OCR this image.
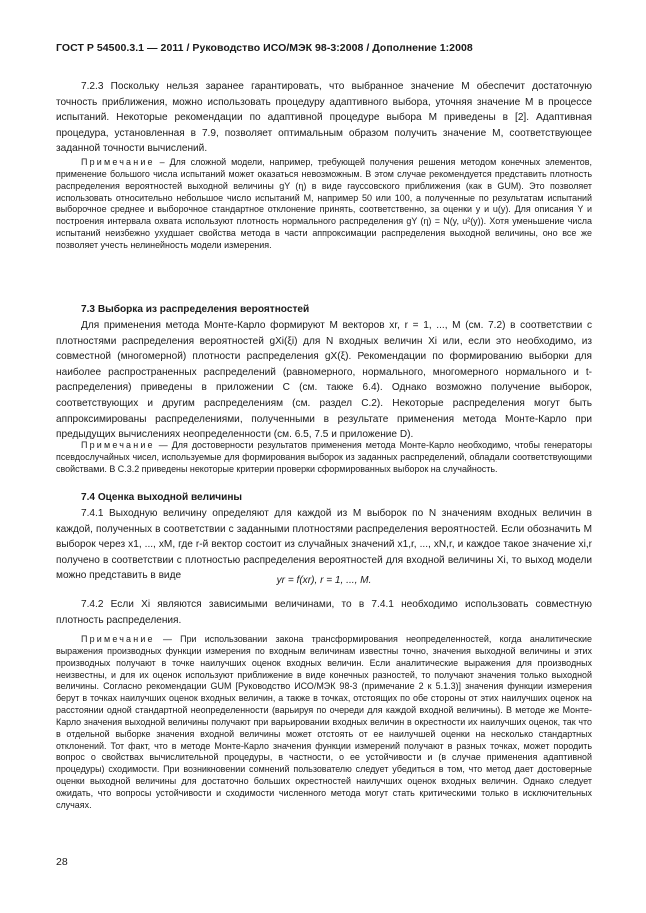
ГОСТ Р 54500.3.1 — 2011 / Руководство ИСО/МЭК 98-3:2008 / Дополнение 1:2008

7.2.3 Поскольку нельзя заранее гарантировать, что выбранное значение M обеспечит достаточную точность приближения, можно использовать процедуру адаптивного выбора, уточняя значение M в процессе испытаний. Некоторые рекомендации по адаптивной процедуре выбора M приведены в [2]. Адаптивная процедура, установленная в 7.9, позволяет оптимальным образом получить значение M, соответствующее заданной точности вычислений.

Примечание – Для сложной модели, например, требующей получения решения методом конечных элементов, применение большого числа испытаний может оказаться невозможным. В этом случае рекомендуется представить плотность распределения вероятностей выходной величины gY (η) в виде гауссовского приближения (как в GUM). Это позволяет использовать относительно небольшое число испытаний M, например 50 или 100, а полученные по результатам испытаний выборочное среднее и выборочное стандартное отклонение принять, соответственно, за оценки y и u(y). Для описания Y и построения интервала охвата используют плотность нормального распределения gY (η) = N(y, u²(y)). Хотя уменьшение числа испытаний неизбежно ухудшает свойства метода в части аппроксимации распределения выходной величины, оно все же позволяет учесть нелинейность модели измерения.

7.3 Выборка из распределения вероятностей

Для применения метода Монте-Карло формируют M векторов xr, r = 1, ..., M (см. 7.2) в соответствии с плотностями распределения вероятностей gXi(ξi) для N входных величин Xi или, если это необходимо, из совместной (многомерной) плотности распределения gX(ξ). Рекомендации по формированию выборки для наиболее распространенных распределений (равномерного, нормального, многомерного нормального и t-распределения) приведены в приложении С (см. также 6.4). Однако возможно получение выборок, соответствующих и другим распределениям (см. раздел С.2). Некоторые распределения могут быть аппроксимированы распределениями, полученными в результате применения метода Монте-Карло при предыдущих вычислениях неопределенности (см. 6.5, 7.5 и приложение D).

Примечание — Для достоверности результатов применения метода Монте-Карло необходимо, чтобы генераторы псевдослучайных чисел, используемые для формирования выборок из заданных распределений, обладали соответствующими свойствами. В С.3.2 приведены некоторые критерии проверки сформированных выборок на случайность.

7.4 Оценка выходной величины

7.4.1 Выходную величину определяют для каждой из M выборок по N значениям входных величин в каждой, полученных в соответствии с заданными плотностями распределения вероятностей. Если обозначить M выборок через x1, ..., xM, где r-й вектор состоит из случайных значений x1,r, ..., xN,r, и каждое такое значение xi,r получено в соответствии с плотностью распределения вероятностей для входной величины Xi, то выход модели можно представить в виде	yr = f(xr), r = 1, ..., M.

7.4.2 Если Xi являются зависимыми величинами, то в 7.4.1 необходимо использовать совместную плотность распределения.

Примечание — При использовании закона трансформирования неопределенностей, когда аналитические выражения производных функции измерения по входным величинам известны точно, значения выходной величины и этих производных получают в точке наилучших оценок входных величин. Если аналитические выражения для производных неизвестны, и для их оценок используют приближение в виде конечных разностей, то получают значения только выходной величины. Согласно рекомендации GUM [Руководство ИСО/МЭК 98-3 (примечание 2 к 5.1.3)] значения функции измерения берут в точках наилучших оценок входных величин, а также в точках, отстоящих по обе стороны от этих наилучших оценок на расстоянии одной стандартной неопределенности (варьируя по очереди для каждой входной величины). В методе же Монте-Карло значения выходной величины получают при варьировании входных величин в окрестности их наилучших оценок, так что в отдельной выборке значения входной величины может отстоять от ее наилучшей оценки на несколько стандартных отклонений. Тот факт, что в методе Монте-Карло значения функции измерений получают в разных точках, может породить вопрос о свойствах вычислительной процедуры, в частности, о ее устойчивости и (в случае применения адаптивной процедуры) сходимости. При возникновении сомнений пользователю следует убедиться в том, что метод дает достоверные оценки выходной величины для достаточно больших окрестностей наилучших оценок входных величин. Однако следует ожидать, что вопросы устойчивости и сходимости численного метода могут стать критическими только в исключительных случаях.

28
